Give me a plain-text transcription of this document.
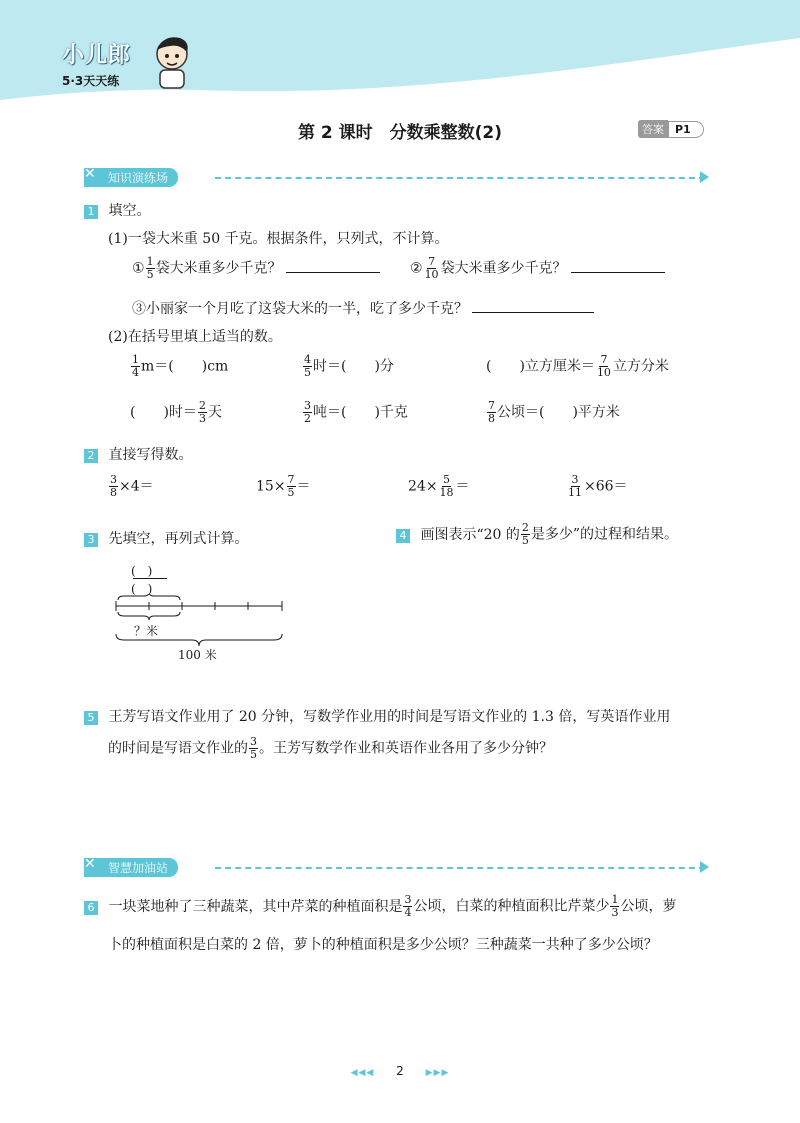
小儿郎
5·3天天练
第 2 课时　分数乘整数(2)	答案	P1
知识演练场
✕
1 填空。
(1)一袋大米重 50 千克。根据条件，只列式，不计算。
① $\frac{1}{5}$ 袋大米重多少千克？	② $\frac{7}{10}$ 袋大米重多少千克？
③小丽家一个月吃了这袋大米的一半，吃了多少千克？
(2)在括号里填上适当的数。
$\frac{1}{4} m=$(　　)cm	$\frac{4}{5}$ 时＝(　　)分	(　　)立方厘米＝ $\frac{7}{10}$ 立方分米
(　　)时＝ $\frac{2}{3}$ 天	$\frac{3}{2}$ 吨＝(　　)千克	$\frac{7}{8}$ 公顷＝(　　)平方米
2 直接写得数。
$\frac{3}{8} \times 4=$	$15\times \frac{7}{5}$ ＝	$24\times \frac{5}{18}$ ＝	$\frac{3}{11} \times 66=$
3 先填空，再列式计算。
(　)
(　)
？米
100 米
4 画图表示“20 的 $\frac{2}{5}$ 是多少”的过程和结果。
5 王芳写语文作业用了 20 分钟，写数学作业用的时间是写语文作业的 1.3 倍，写英语作业用
的时间是写语文作业的 $\frac{3}{5}$ 。王芳写数学作业和英语作业各用了多少分钟？
智慧加油站
✕
6 一块菜地种了三种蔬菜，其中芹菜的种植面积是 $\frac{3}{4}$ 公顷，白菜的种植面积比芹菜少 $\frac{1}{3}$ 公顷，萝
卜的种植面积是白菜的 2 倍，萝卜的种植面积是多少公顷？三种蔬菜一共种了多少公顷？
◀◀◀ 2 ▶▶▶
